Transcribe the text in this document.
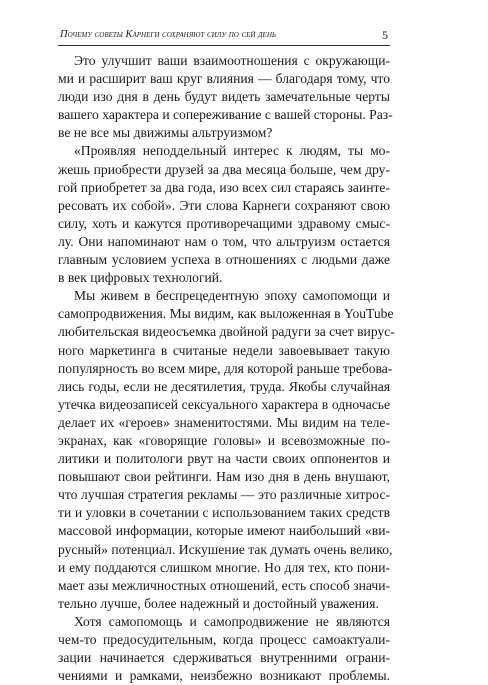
Почему советы Карнеги сохраняют силу по сей день	5
Это улучшит ваши взаимоотношения с окружающи-
ми и расширит ваш круг влияния — благодаря тому, что
люди изо дня в день будут видеть замечательные черты
вашего характера и сопереживание с вашей стороны. Раз-
ве не все мы движимы альтруизмом?
«Проявляя неподдельный интерес к людям, ты мо-
жешь приобрести друзей за два месяца больше, чем дру-
гой приобретет за два года, изо всех сил стараясь заинте-
ресовать их собой». Эти слова Карнеги сохраняют свою
силу, хоть и кажутся противоречащими здравому смыс-
лу. Они напоминают нам о том, что альтруизм остается
главным условием успеха в отношениях с людьми даже
в век цифровых технологий.
Мы живем в беспрецедентную эпоху самопомощи и
самопродвижения. Мы видим, как выложенная в YouTube
любительская видеосъемка двойной радуги за счет вирус-
ного маркетинга в считаные недели завоевывает такую
популярность во всем мире, для которой раньше требова-
лись годы, если не десятилетия, труда. Якобы случайная
утечка видеозаписей сексуального характера в одночасье
делает их «героев» знаменитостями. Мы видим на теле-
экранах, как «говорящие головы» и всевозможные по-
литики и политологи рвут на части своих оппонентов и
повышают свои рейтинги. Нам изо дня в день внушают,
что лучшая стратегия рекламы — это различные хитрос-
ти и уловки в сочетании с использованием таких средств
массовой информации, которые имеют наибольший «ви-
русный» потенциал. Искушение так думать очень велико,
и ему поддаются слишком многие. Но для тех, кто пони-
мает азы межличностных отношений, есть способ значи-
тельно лучше, более надежный и достойный уважения.
Хотя самопомощь и самопродвижение не являются
чем-то предосудительным, когда процесс самоактуали-
зации начинается сдерживаться внутренними ограни-
чениями и рамками, неизбежно возникают проблемы.
